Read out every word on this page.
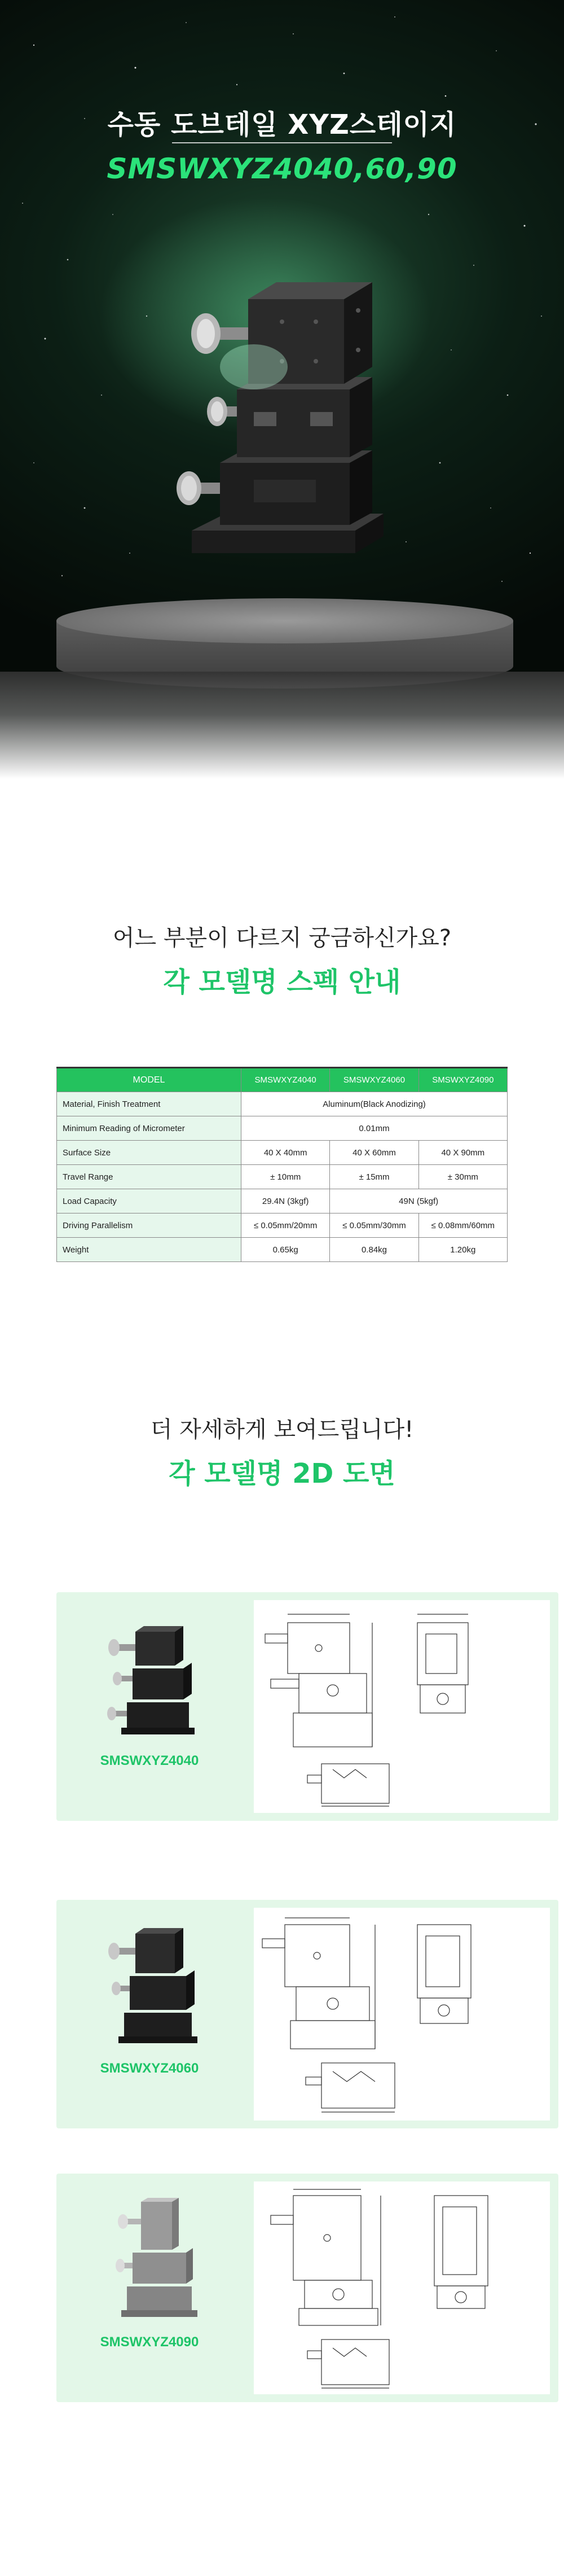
수동 도브테일 XYZ스테이지
SMSWXYZ4040,60,90
어느 부분이 다르지 궁금하신가요?
각 모델명 스펙 안내
MODEL	SMSWXYZ4040	SMSWXYZ4060	SMSWXYZ4090
Material, Finish Treatment	Aluminum(Black Anodizing)		
Minimum Reading of Micrometer	0.01mm		
Surface Size	40 X 40mm	40 X 60mm	40 X 90mm
Travel Range	± 10mm	± 15mm	± 30mm
Load Capacity	29.4N (3kgf)	49N (5kgf)	
Driving Parallelism	≤ 0.05mm/20mm	≤ 0.05mm/30mm	≤ 0.08mm/60mm
Weight	0.65kg	0.84kg	1.20kg
더 자세하게 보여드립니다!
각 모델명 2D 도면
SMSWXYZ4040
SMSWXYZ4060
SMSWXYZ4090
